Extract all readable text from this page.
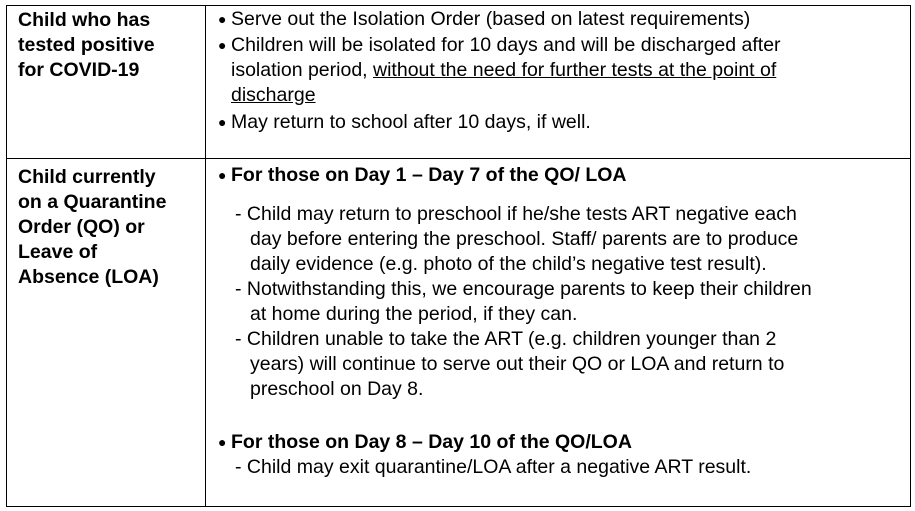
Child who has tested positive for COVID-19
● Serve out the Isolation Order (based on latest requirements)
● Children will be isolated for 10 days and will be discharged after
isolation period, without the need for further tests at the point of
discharge
● May return to school after 10 days, if well.
Child currently on a Quarantine Order (QO) or Leave of Absence (LOA)
● For those on Day 1 – Day 7 of the QO/ LOA
- Child may return to preschool if he/she tests ART negative each
day before entering the preschool. Staff/ parents are to produce
daily evidence (e.g. photo of the child’s negative test result).
- Notwithstanding this, we encourage parents to keep their children
at home during the period, if they can.
- Children unable to take the ART (e.g. children younger than 2
years) will continue to serve out their QO or LOA and return to
preschool on Day 8.
● For those on Day 8 – Day 10 of the QO/LOA
- Child may exit quarantine/LOA after a negative ART result.
